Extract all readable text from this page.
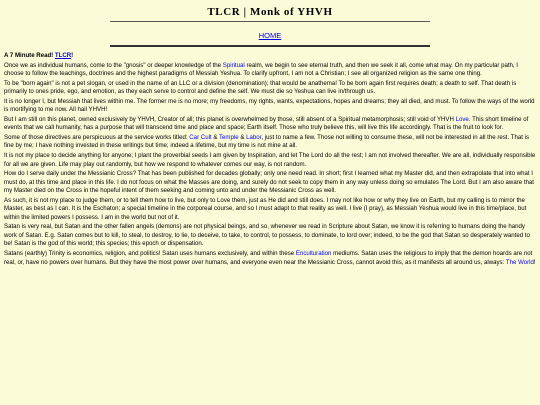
TLCR | Monk of YHVH
HOME

A 7 Minute Read! TLCR!

Once we as individual humans, come to the "gnosis" or deeper knowledge of the Spiritual realm, we begin to see eternal truth, and then we seek it all, come what may. On my particular path, I choose to follow the teachings, doctrines and the highest paradigms of Messiah Yeshua. To clarify upfront, I am not a Christian; I see all organized religion as the same one thing.

To be "born again" is not a pet slogan, or used in the name of an LLC or a division (denomination); that would be anathema! To be born again first requires death; a death to self. That death is primarily to ones pride, ego, and emotion, as they each serve to control and define the self. We must die so Yeshua can live in/through us.

It is no longer I, but Messiah that lives within me. The former me is no more; my freedoms, my rights, wants, expectations, hopes and dreams; they all died, and must. To follow the ways of the world is mortifying to me now. All hail YHVH!

But I am still on this planet, owned exclusively by YHVH, Creator of all; this planet is overwhelmed by those, still absent of a Spiritual metamorphosis; still void of YHVH Love. This short timeline of events that we call humanity, has a purpose that will transcend time and place and space; Earth itself. Those who truly believe this, will live this life accordingly. That is the fruit to look for.

Some of those directives are perspicuous at the service works titled: Car Cult & Temple & Labor, just to name a few. Those not willing to consume these, will not be interested in all the rest. That is fine by me; I have nothing invested in these writings but time; indeed a lifetime, but my time is not mine at all.

It is not my place to decide anything for anyone; I plant the proverbial seeds I am given by Inspiration, and let The Lord do all the rest; I am not involved thereafter. We are all, individually responsible for all we are given. Life may play out randomly, but how we respond to whatever comes our way, is not random.

How do I serve daily under the Messianic Cross? That has been published for decades globally; only one need read. In short; first I learned what my Master did, and then extrapolate that into what I must do, at this time and place in this life. I do not focus on what the Masses are doing, and surely do not seek to copy them in any way unless doing so emulates The Lord. But I am also aware that my Master died on the Cross in the hopeful intent of them seeking and coming unto and under the Messianic Cross as well.

As such, it is not my place to judge them, or to tell them how to live, but only to Love them, just as He did and still does. I may not like how or why they live on Earth, but my calling is to mirror the Master, as best as I can. It is the Eschaton; a special timeline in the corporeal course, and so I must adapt to that reality as well. I live (I pray), as Messiah Yeshua would live in this time/place, but within the limited powers I possess. I am in the world but not of it.

Satan is very real, but Satan and the other fallen angels (demons) are not physical beings, and so, whenever we read in Scripture about Satan, we know it is referring to humans doing the handy work of Satan. E.g. Satan comes but to kill, to steal, to destroy, to lie, to deceive, to take, to control, to possess, to dominate, to lord over; indeed, to be the god that Satan so desperately wanted to be! Satan is the god of this world; this species; this epoch or dispensation.

Satans (earthly) Trinity is economics, religion, and politics! Satan uses humans exclusively, and within these Enculturation mediums. Satan uses the religious to imply that the demon hoards are not real, or, have no powers over humans. But they have the most power over humans, and everyone even near the Messianic Cross, cannot avoid this, as it manifests all around us, always: The World!
